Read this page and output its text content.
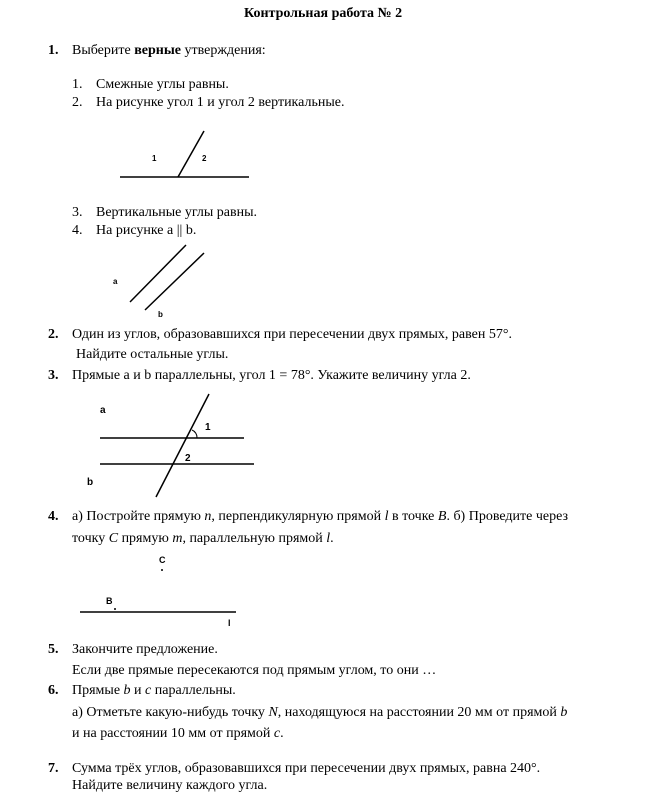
Контрольная работа № 2
1. Выберите верные утверждения:
1. Смежные углы равны.
2. На рисунке угол 1 и угол 2 вертикальные.
1	2
a
b
a
b
1
2
C
B
l
3. Вертикальные углы равны.
4. На рисунке a || b.
2. Один из углов, образовавшихся при пересечении двух прямых, равен 57°.
Найдите остальные углы.
3. Прямые a и b параллельны, угол 1 = 78°. Укажите величину угла 2.
4. а) Постройте прямую n, перпендикулярную прямой l в точке B. б) Проведите через
точку C прямую m, параллельную прямой l.
5. Закончите предложение.
Если две прямые пересекаются под прямым углом, то они …
6. Прямые b и c параллельны.
а) Отметьте какую-нибудь точку N, находящуюся на расстоянии 20 мм от прямой b
и на расстоянии 10 мм от прямой c.
7. Сумма трёх углов, образовавшихся при пересечении двух прямых, равна 240°.
Найдите величину каждого угла.
